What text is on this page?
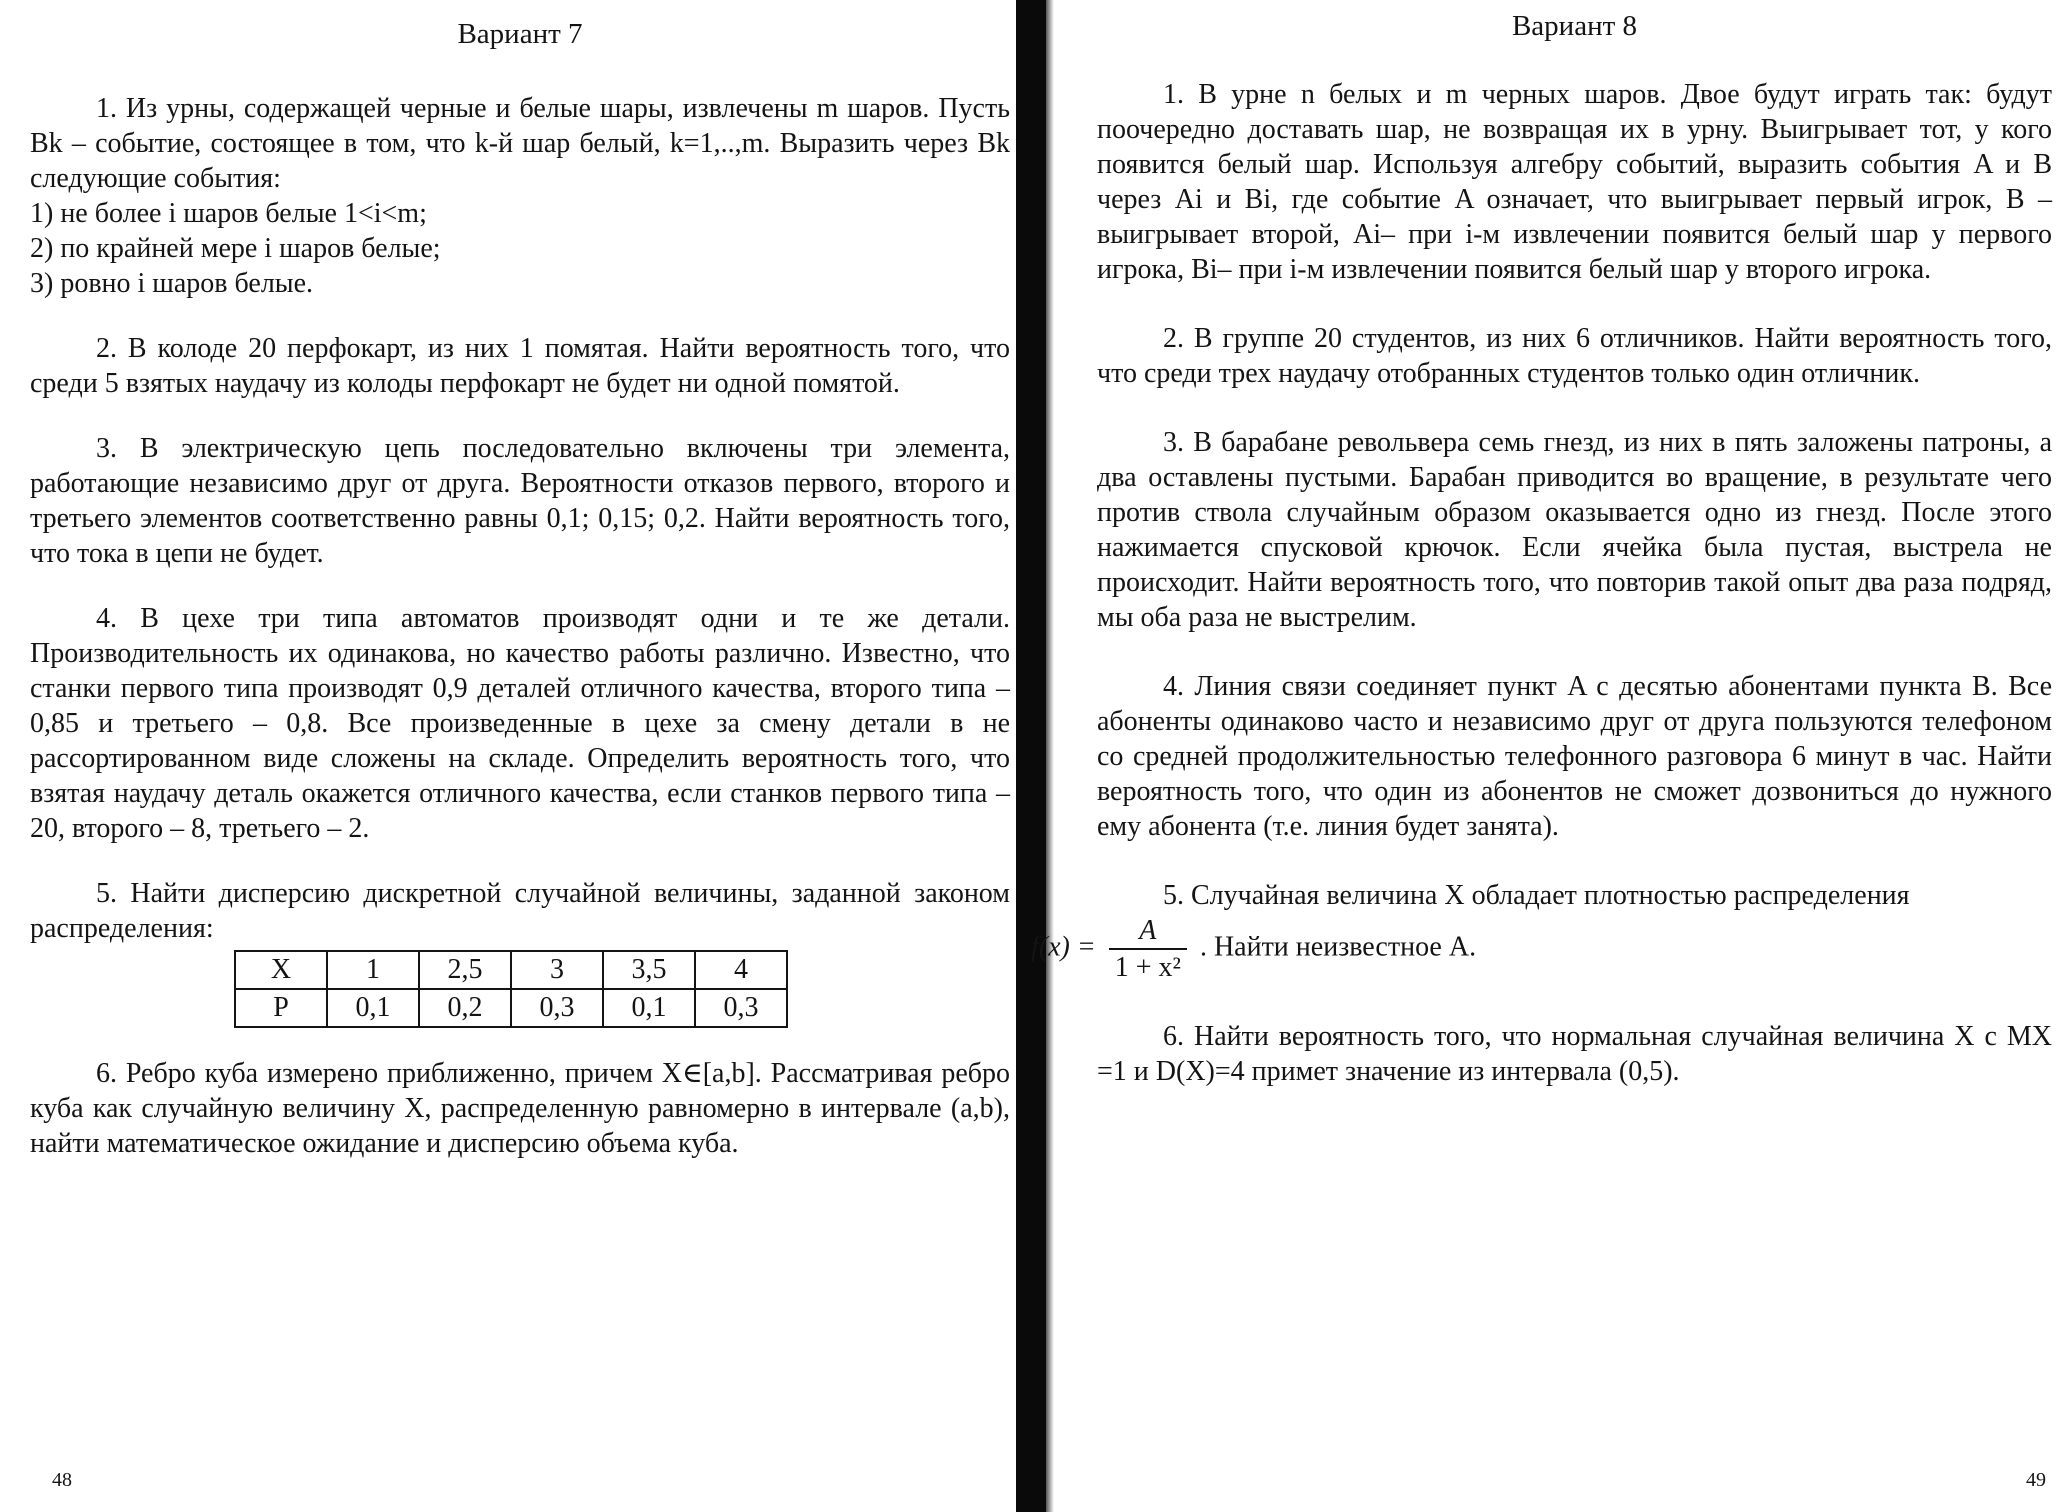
Вариант 7
1. Из урны, содержащей черные и белые шары, извлечены m шаров. Пусть Bk – событие, состоящее в том, что k-й шар белый, k=1,..,m. Выразить через Bk следующие события:
1) не более i шаров белые 1<i<m;
2) по крайней мере i шаров белые;
3) ровно i шаров белые.
2. В колоде 20 перфокарт, из них 1 помятая. Найти вероятность того, что среди 5 взятых наудачу из колоды перфокарт не будет ни одной помятой.
3. В электрическую цепь последовательно включены три элемента, работающие независимо друг от друга. Вероятности отказов первого, второго и третьего элементов соответственно равны 0,1; 0,15; 0,2. Найти вероятность того, что тока в цепи не будет.
4. В цехе три типа автоматов производят одни и те же детали. Производительность их одинакова, но качество работы различно. Известно, что станки первого типа производят 0,9 деталей отличного качества, второго типа – 0,85 и третьего – 0,8. Все произведенные в цехе за смену детали в не рассортированном виде сложены на складе. Определить вероятность того, что взятая наудачу деталь окажется отличного качества, если станков первого типа – 20, второго – 8, третьего – 2.
5. Найти дисперсию дискретной случайной величины, заданной законом распределения:
X	1	2,5	3	3,5	4
P	0,1	0,2	0,3	0,1	0,3
6. Ребро куба измерено приближенно, причем X∈[a,b]. Рассматривая ребро куба как случайную величину X, распределенную равномерно в интервале (a,b), найти математическое ожидание и дисперсию объема куба.
48
Вариант 8
1. В урне n белых и m черных шаров. Двое будут играть так: будут поочередно доставать шар, не возвращая их в урну. Выигрывает тот, у кого появится белый шар. Используя алгебру событий, выразить события A и B через Ai и Bi, где событие A означает, что выигрывает первый игрок, B – выигрывает второй, Ai– при i-м извлечении появится белый шар у первого игрока, Bi– при i-м извлечении появится белый шар у второго игрока.
2. В группе 20 студентов, из них 6 отличников. Найти вероятность того, что среди трех наудачу отобранных студентов только один отличник.
3. В барабане револьвера семь гнезд, из них в пять заложены патроны, а два оставлены пустыми. Барабан приводится во вращение, в результате чего против ствола случайным образом оказывается одно из гнезд. После этого нажимается спусковой крючок. Если ячейка была пустая, выстрела не происходит. Найти вероятность того, что повторив такой опыт два раза подряд, мы оба раза не выстрелим.
4. Линия связи соединяет пункт A с десятью абонентами пункта B. Все абоненты одинаково часто и независимо друг от друга пользуются телефоном со средней продолжительностью телефонного разговора 6 минут в час. Найти вероятность того, что один из абонентов не сможет дозвониться до нужного ему абонента (т.е. линия будет занята).
5. Случайная величина X обладает плотностью распределения
$f(x) = \frac{A}{\text{1 + x²}}$ . Найти неизвестное A.
6. Найти вероятность того, что нормальная случайная величина X с MX =1 и D(X)=4 примет значение из интервала (0,5).
49
